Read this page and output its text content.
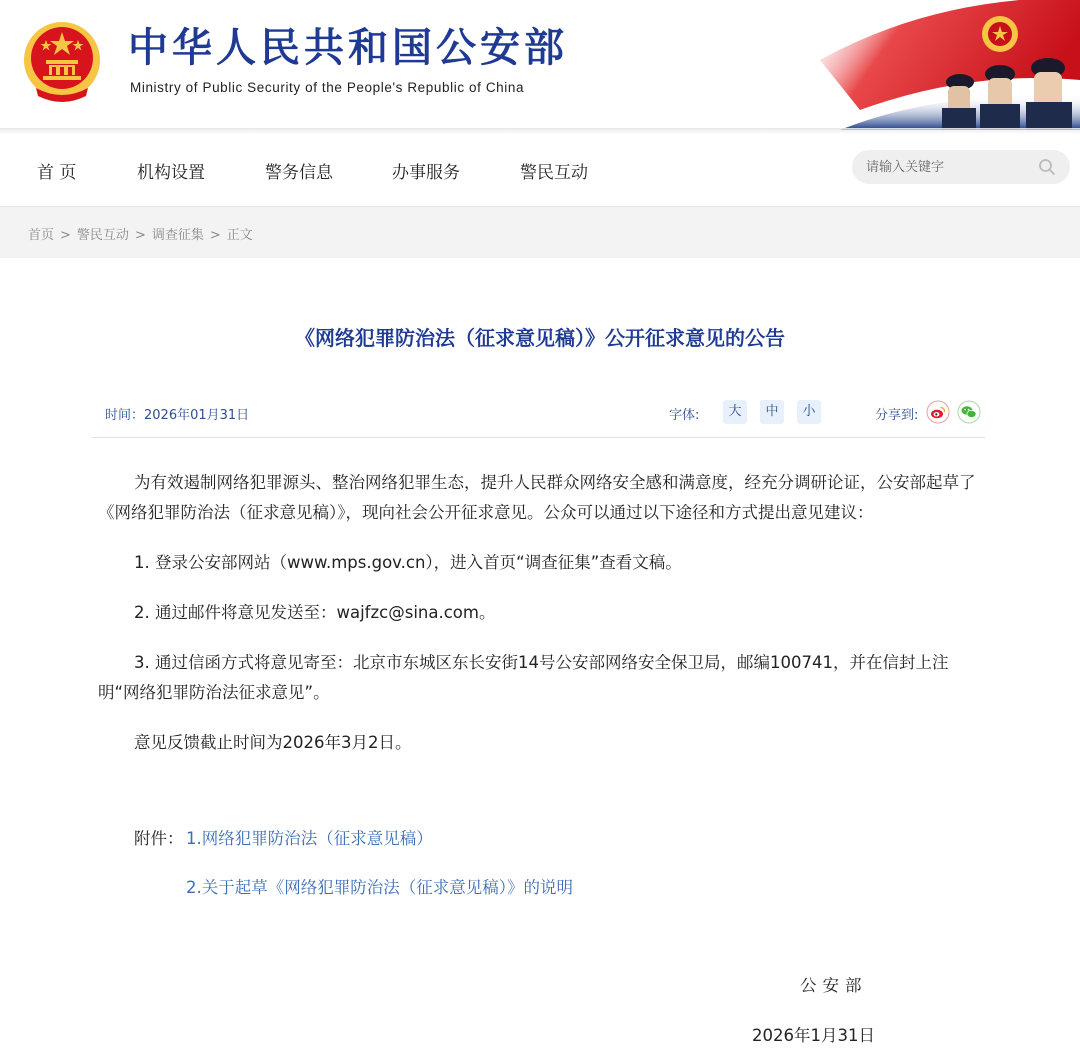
中华人民共和国公安部
Ministry of Public Security of the People's Republic of China
首 页	机构设置	警务信息	办事服务	警民互动
请输入关键字
首页 > 警民互动 > 调查征集 > 正文
《网络犯罪防治法（征求意见稿）》公开征求意见的公告
时间：2026年01月31日	字体:	大	中	小	分享到:

为有效遏制网络犯罪源头、整治网络犯罪生态，提升人民群众网络安全感和满意度，经充分调研论证，公安部起草了《网络犯罪防治法（征求意见稿）》，现向社会公开征求意见。公众可以通过以下途径和方式提出意见建议：

1. 登录公安部网站（www.mps.gov.cn），进入首页“调查征集”查看文稿。

2. 通过邮件将意见发送至：wajfzc@sina.com。

3. 通过信函方式将意见寄至：北京市东城区东长安街14号公安部网络安全保卫局，邮编100741，并在信封上注明“网络犯罪防治法征求意见”。

意见反馈截止时间为2026年3月2日。

附件： 1.网络犯罪防治法（征求意见稿）
2.关于起草《网络犯罪防治法（征求意见稿）》的说明
公安部
2026年1月31日
